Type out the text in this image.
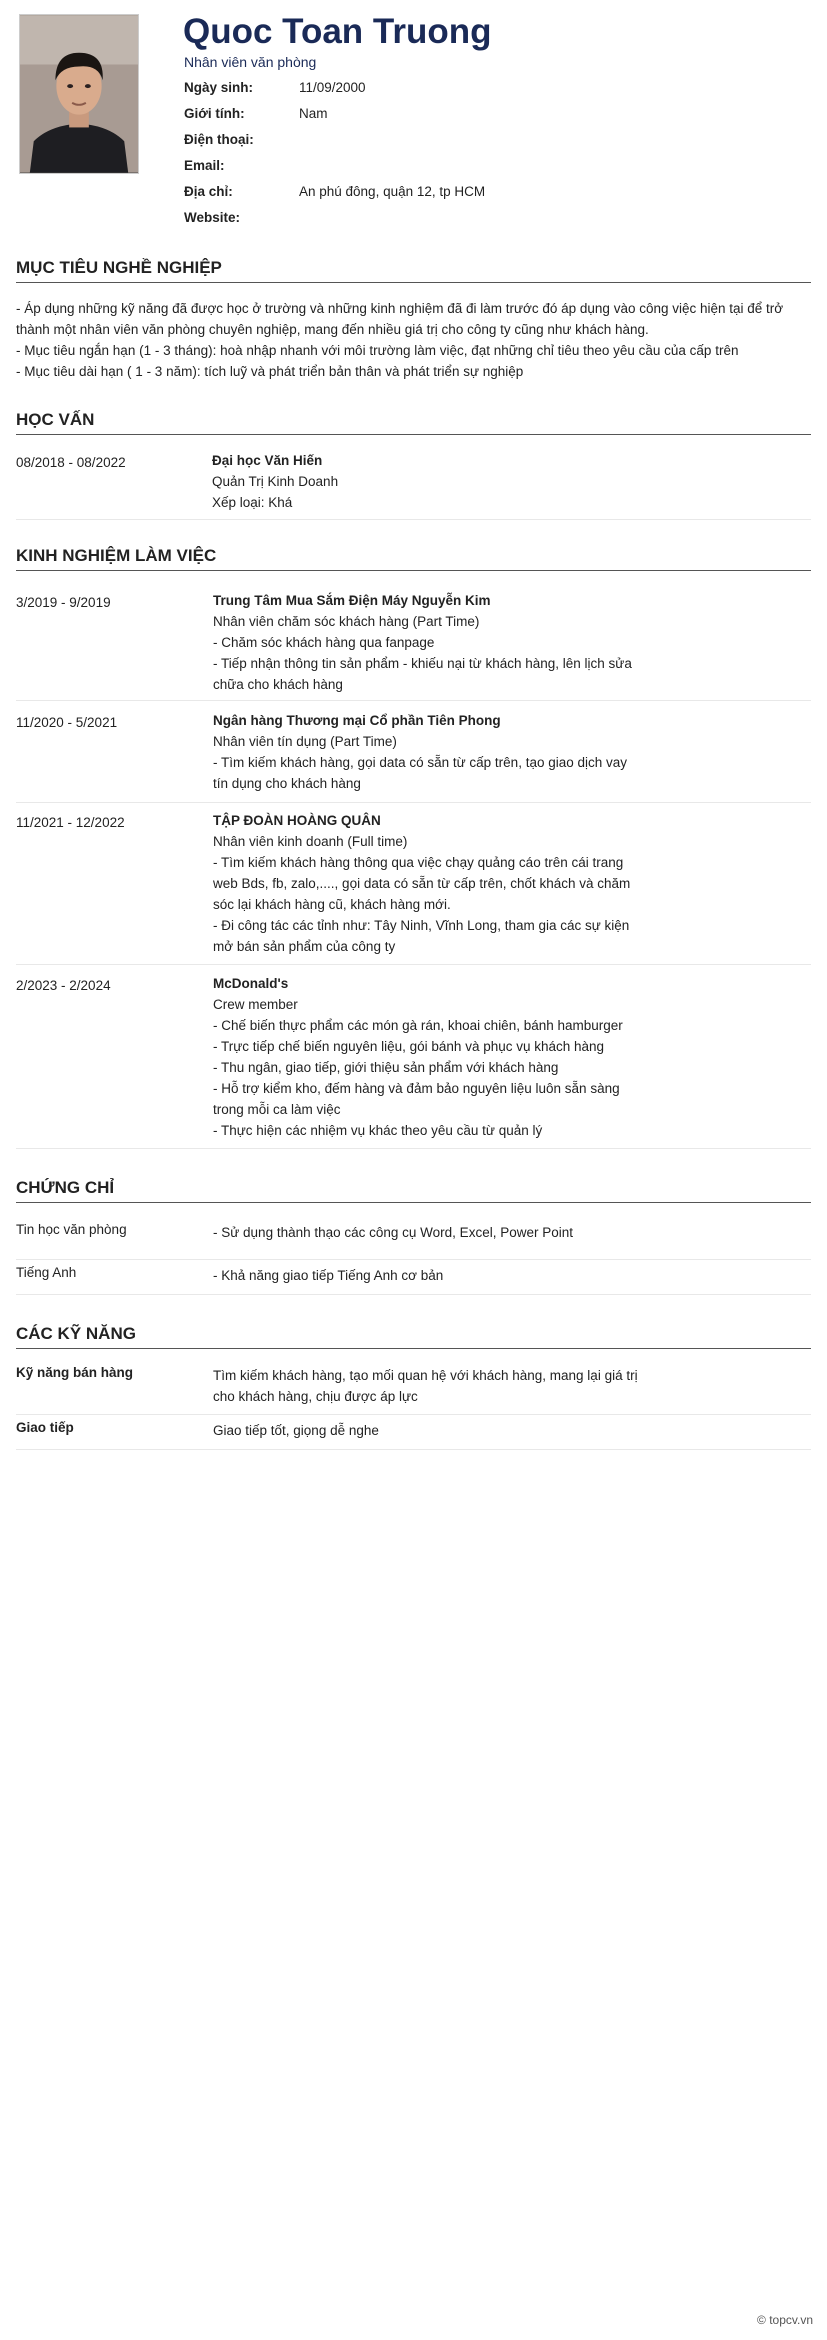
Quoc Toan Truong
Nhân viên văn phòng
Ngày sinh:	11/09/2000
Giới tính:	Nam
Điện thoại:
Email:
Địa chỉ:	An phú đông, quận 12, tp HCM
Website:
MỤC TIÊU NGHỀ NGHIỆP
- Áp dụng những kỹ năng đã được học ở trường và những kinh nghiệm đã đi làm trước đó áp dụng vào công việc hiện tại để trở
thành một nhân viên văn phòng chuyên nghiệp, mang đến nhiều giá trị cho công ty cũng như khách hàng.
- Mục tiêu ngắn hạn (1 - 3 tháng): hoà nhập nhanh với môi trường làm việc, đạt những chỉ tiêu theo yêu cầu của cấp trên
- Mục tiêu dài hạn ( 1 - 3 năm): tích luỹ và phát triển bản thân và phát triển sự nghiệp
HỌC VẤN
08/2018 - 08/2022	Đại học Văn Hiến
Quản Trị Kinh Doanh
Xếp loại: Khá
KINH NGHIỆM LÀM VIỆC
3/2019 - 9/2019	Trung Tâm Mua Sắm Điện Máy Nguyễn Kim
Nhân viên chăm sóc khách hàng (Part Time)
- Chăm sóc khách hàng qua fanpage
- Tiếp nhận thông tin sản phẩm - khiếu nại từ khách hàng, lên lịch sửa
chữa cho khách hàng
11/2020 - 5/2021	Ngân hàng Thương mại Cổ phần Tiên Phong
Nhân viên tín dụng (Part Time)
- Tìm kiếm khách hàng, gọi data có sẵn từ cấp trên, tạo giao dịch vay
tín dụng cho khách hàng
11/2021 - 12/2022	TẬP ĐOÀN HOÀNG QUÂN
Nhân viên kinh doanh (Full time)
- Tìm kiếm khách hàng thông qua việc chạy quảng cáo trên cái trang
web Bds, fb, zalo,...., gọi data có sẵn từ cấp trên, chốt khách và chăm
sóc lại khách hàng cũ, khách hàng mới.
- Đi công tác các tỉnh như: Tây Ninh, Vĩnh Long, tham gia các sự kiện
mở bán sản phẩm của công ty
2/2023 - 2/2024	McDonald's
Crew member
- Chế biến thực phẩm các món gà rán, khoai chiên, bánh hamburger
- Trực tiếp chế biến nguyên liệu, gói bánh và phục vụ khách hàng
- Thu ngân, giao tiếp, giới thiệu sản phẩm với khách hàng
- Hỗ trợ kiểm kho, đếm hàng và đảm bảo nguyên liệu luôn sẵn sàng
trong mỗi ca làm việc
- Thực hiện các nhiệm vụ khác theo yêu cầu từ quản lý
CHỨNG CHỈ
Tin học văn phòng	- Sử dụng thành thạo các công cụ Word, Excel, Power Point
Tiếng Anh	- Khả năng giao tiếp Tiếng Anh cơ bản
CÁC KỸ NĂNG
Kỹ năng bán hàng	Tìm kiếm khách hàng, tạo mối quan hệ với khách hàng, mang lại giá trị
cho khách hàng, chịu được áp lực
Giao tiếp	Giao tiếp tốt, giọng dễ nghe
© topcv.vn
